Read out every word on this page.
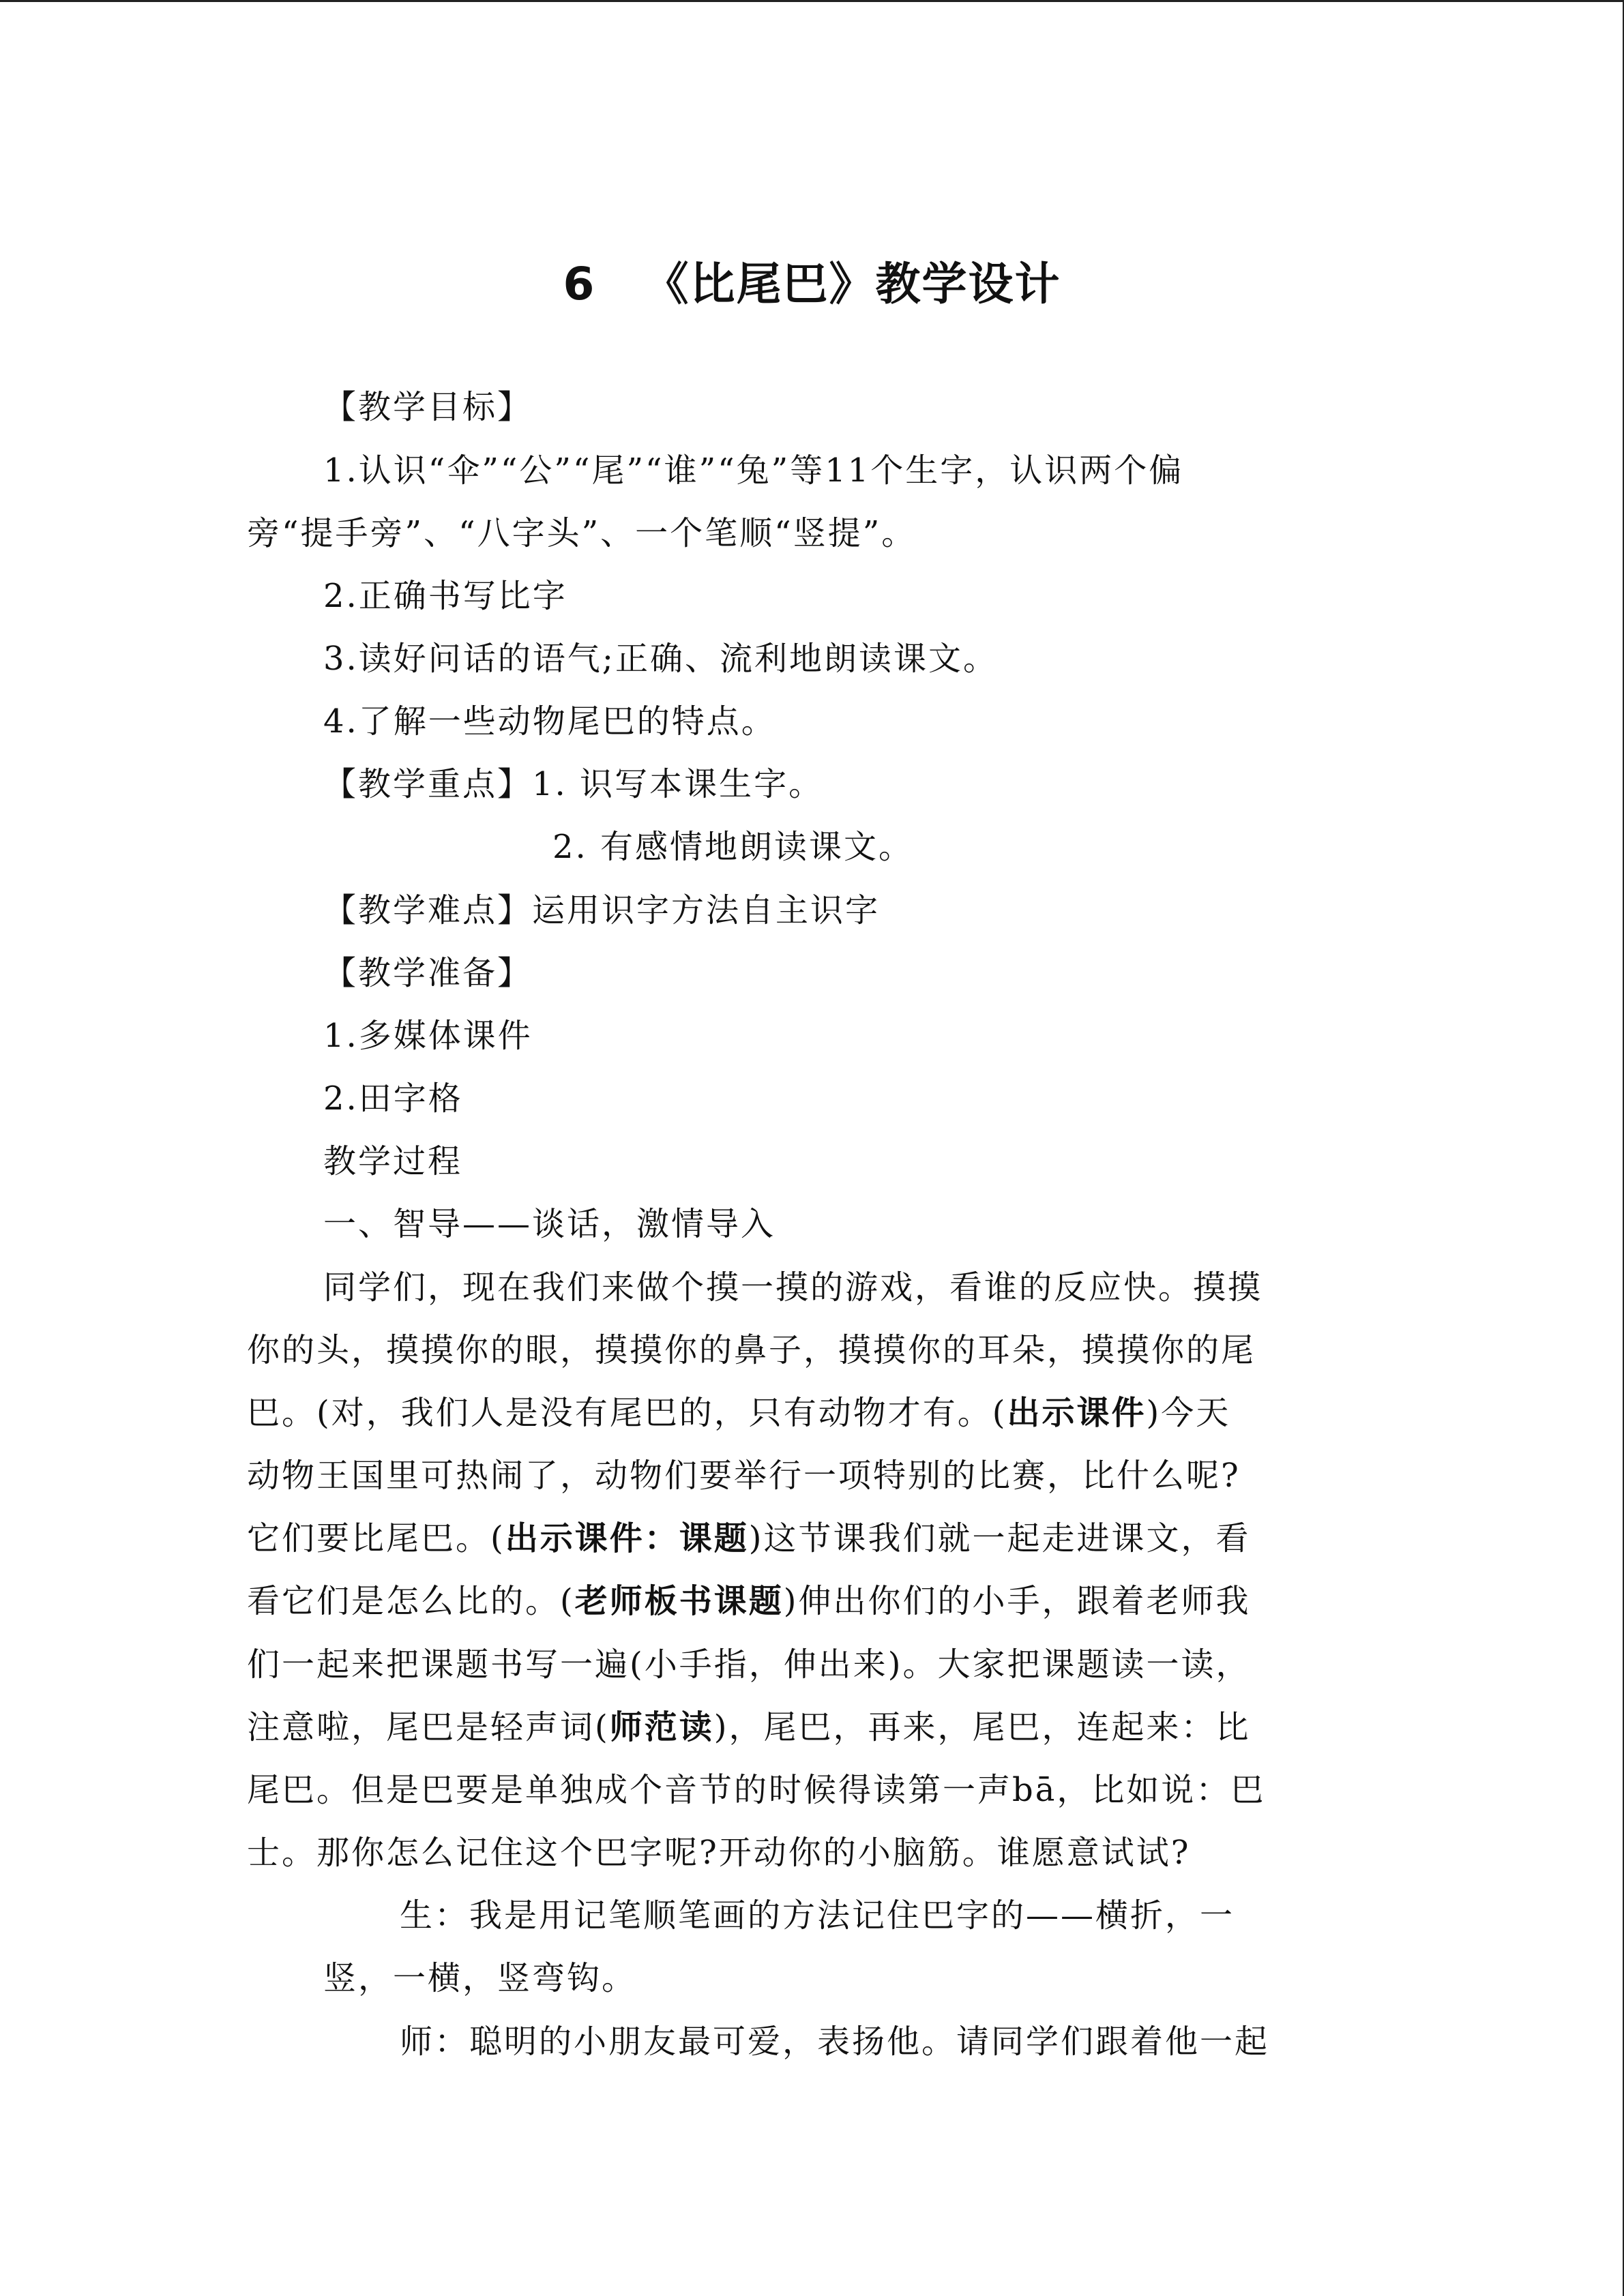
6 《比尾巴》教学设计
【教学目标】
1.认识“伞”“公”“尾”“谁”“兔”等11个生字，认识两个偏
旁“提手旁”、“八字头”、一个笔顺“竖提”。
2.正确书写比字
3.读好问话的语气;正确、流利地朗读课文。
4.了解一些动物尾巴的特点。
【教学重点】1. 识写本课生字。
2. 有感情地朗读课文。
【教学难点】运用识字方法自主识字
【教学准备】
1.多媒体课件
2.田字格
教学过程
一、智导——谈话，激情导入
同学们，现在我们来做个摸一摸的游戏，看谁的反应快。摸摸
你的头，摸摸你的眼，摸摸你的鼻子，摸摸你的耳朵，摸摸你的尾
巴。(对，我们人是没有尾巴的，只有动物才有。(出示课件)今天
动物王国里可热闹了，动物们要举行一项特别的比赛，比什么呢?
它们要比尾巴。(出示课件：课题)这节课我们就一起走进课文，看
看它们是怎么比的。(老师板书课题)伸出你们的小手，跟着老师我
们一起来把课题书写一遍(小手指，伸出来)。大家把课题读一读，
注意啦，尾巴是轻声词(师范读)，尾巴，再来，尾巴，连起来：比
尾巴。但是巴要是单独成个音节的时候得读第一声bā，比如说：巴
士。那你怎么记住这个巴字呢?开动你的小脑筋。谁愿意试试?
生：我是用记笔顺笔画的方法记住巴字的——横折，一
竖，一横，竖弯钩。
师：聪明的小朋友最可爱，表扬他。请同学们跟着他一起
